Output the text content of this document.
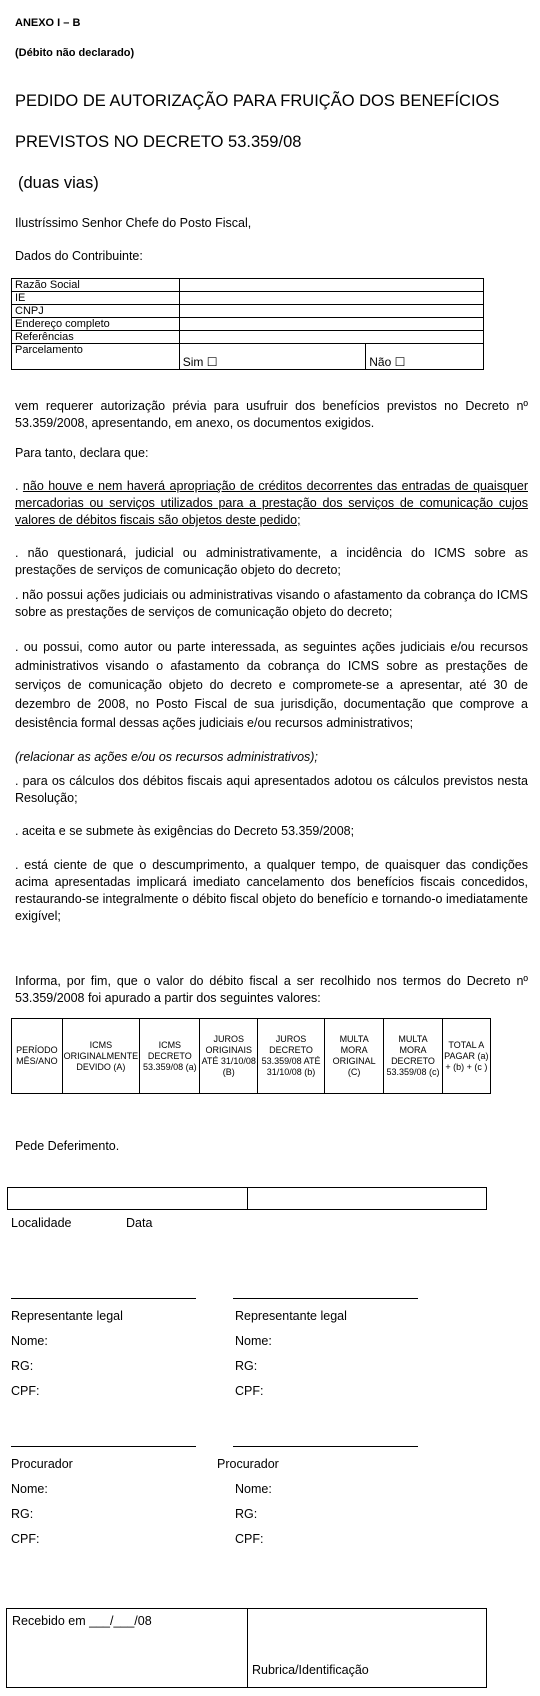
ANEXO I – B
(Débito não declarado)
PEDIDO DE AUTORIZAÇÃO PARA FRUIÇÃO DOS BENEFÍCIOS
PREVISTOS NO DECRETO 53.359/08
(duas vias)
Ilustríssimo Senhor Chefe do Posto Fiscal,
Dados do Contribuinte:
Razão Social		
IE		
CNPJ		
Endereço completo		
Referências		
Parcelamento	Sim ☐	Não ☐
vem requerer autorização prévia para usufruir dos benefícios previstos no Decreto nº 53.359/2008, apresentando, em anexo, os documentos exigidos.
Para tanto, declara que:
. não houve e nem haverá apropriação de créditos decorrentes das entradas de quaisquer mercadorias ou serviços utilizados para a prestação dos serviços de comunicação cujos valores de débitos fiscais são objetos deste pedido;
. não questionará, judicial ou administrativamente, a incidência do ICMS sobre as prestações de serviços de comunicação objeto do decreto;
. não possui ações judiciais ou administrativas visando o afastamento da cobrança do ICMS sobre as prestações de serviços de comunicação objeto do decreto;
. ou possui, como autor ou parte interessada, as seguintes ações judiciais e/ou recursos administrativos visando o afastamento da cobrança do ICMS sobre as prestações de serviços de comunicação objeto do decreto e compromete-se a apresentar, até 30 de dezembro de 2008, no Posto Fiscal de sua jurisdição, documentação que comprove a desistência formal dessas ações judiciais e/ou recursos administrativos;
(relacionar as ações e/ou os recursos administrativos);
. para os cálculos dos débitos fiscais aqui apresentados adotou os cálculos previstos nesta Resolução;
. aceita e se submete às exigências do Decreto 53.359/2008;
. está ciente de que o descumprimento, a qualquer tempo, de quaisquer das condições acima apresentadas implicará imediato cancelamento dos benefícios fiscais concedidos, restaurando-se integralmente o débito fiscal objeto do benefício e tornando-o imediatamente exigível;
Informa, por fim, que o valor do débito fiscal a ser recolhido nos termos do Decreto nº 53.359/2008 foi apurado a partir dos seguintes valores:
PERÍODO MÊS/ANO	ICMS ORIGINALMENTE DEVIDO (A)	ICMS DECRETO 53.359/08 (a)	JUROS ORIGINAIS ATÉ 31/10/08 (B)	JUROS DECRETO 53.359/08 ATÉ 31/10/08 (b)	MULTA MORA ORIGINAL (C)	MULTA MORA DECRETO 53.359/08 (c)	TOTAL A PAGAR (a) + (b) + (c )
Pede Deferimento.
Localidade	Data
Representante legal	Representante legal
Nome:	Nome:
RG:	RG:
CPF:	CPF:
Procurador	Procurador
Nome:	Nome:
RG:	RG:
CPF:	CPF:
Recebido em ___/___/08
Rubrica/Identificação
